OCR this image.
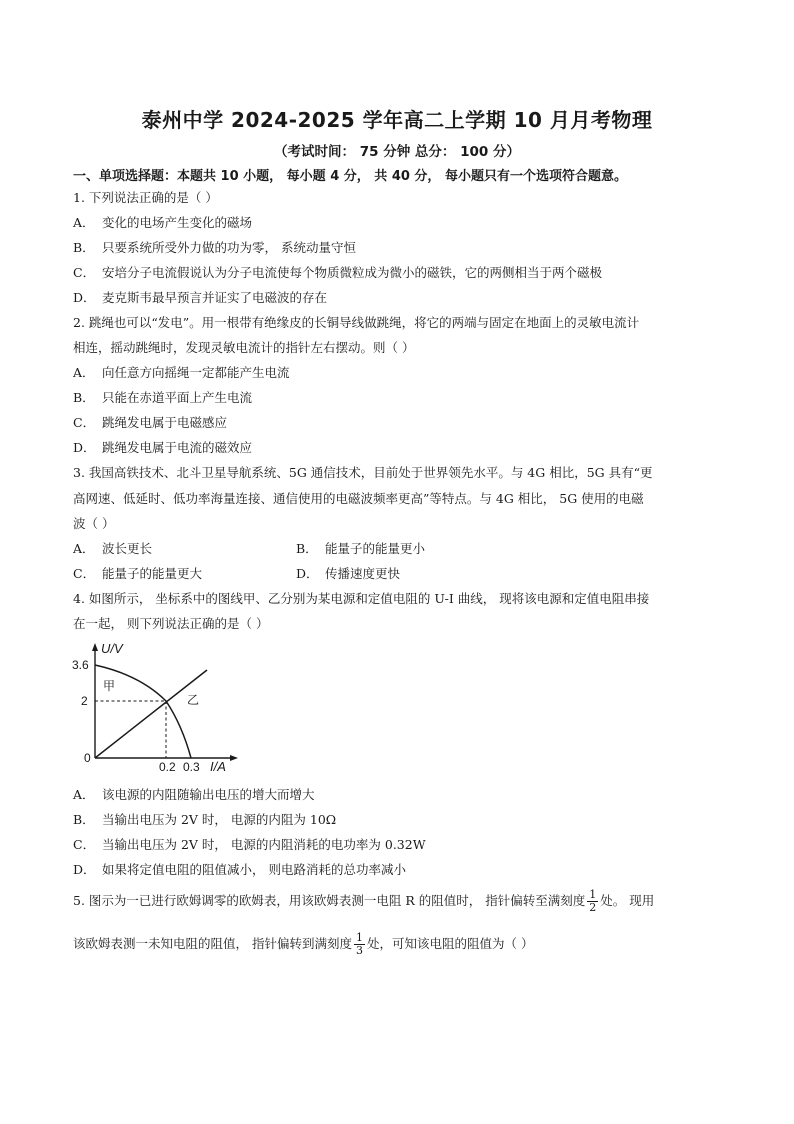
泰州中学 2024-2025 学年高二上学期 10 月月考物理
（考试时间： 75 分钟 总分： 100 分）
一、单项选择题：本题共 10 小题， 每小题 4 分， 共 40 分， 每小题只有一个选项符合题意。
1. 下列说法正确的是（ ）
A． 变化的电场产生变化的磁场
B． 只要系统所受外力做的功为零， 系统动量守恒
C． 安培分子电流假说认为分子电流使每个物质微粒成为微小的磁铁，它的两侧相当于两个磁极
D． 麦克斯韦最早预言并证实了电磁波的存在
2. 跳绳也可以“发电”。用一根带有绝缘皮的长铜导线做跳绳，将它的两端与固定在地面上的灵敏电流计
相连，摇动跳绳时，发现灵敏电流计的指针左右摆动。则（ ）
A． 向任意方向摇绳一定都能产生电流
B． 只能在赤道平面上产生电流
C． 跳绳发电属于电磁感应
D． 跳绳发电属于电流的磁效应
3. 我国高铁技术、北斗卫星导航系统、5G 通信技术，目前处于世界领先水平。与 4G 相比，5G 具有“更
高网速、低延时、低功率海量连接、通信使用的电磁波频率更高”等特点。与 4G 相比， 5G 使用的电磁
波（ ）
A． 波长更长	B． 能量子的能量更小
C． 能量子的能量更大	D． 传播速度更快
4. 如图所示， 坐标系中的图线甲、乙分别为某电源和定值电阻的 U-I 曲线， 现将该电源和定值电阻串接
在一起， 则下列说法正确的是（ ）
U/V
3.6
2
0
0.2 0.3 I/A
甲
乙
A． 该电源的内阻随输出电压的增大而增大
B． 当输出电压为 2V 时， 电源的内阻为 10Ω
C． 当输出电压为 2V 时， 电源的内阻消耗的电功率为 0.32W
D． 如果将定值电阻的阻值减小， 则电路消耗的总功率减小
5. 图示为一已进行欧姆调零的欧姆表，用该欧姆表测一电阻 R 的阻值时， 指针偏转至满刻度 $\frac{1}{2}$ 处。 现用
该欧姆表测一未知电阻的阻值， 指针偏转到满刻度 $\frac{1}{3}$ 处，可知该电阻的阻值为（ ）
